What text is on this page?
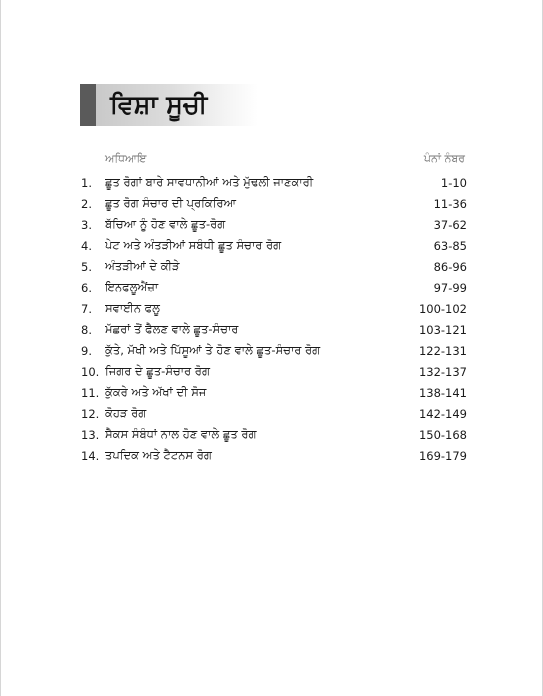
ਵਿਸ਼ਾ ਸੂਚੀ
ਅਧਿਆਇ	ਪੰਨਾਂ ਨੰਬਰ
1.	ਛੂਤ ਰੋਗਾਂ ਬਾਰੇ ਸਾਵਧਾਨੀਆਂ ਅਤੇ ਮੁੱਢਲੀ ਜਾਣਕਾਰੀ	1-10
2.	ਛੂਤ ਰੋਗ ਸੰਚਾਰ ਦੀ ਪ੍ਰਕਿਰਿਆ	11-36
3.	ਬੱਚਿਆ ਨੂੰ ਹੋਣ ਵਾਲੇ ਛੂਤ-ਰੋਗ	37-62
4.	ਪੇਟ ਅਤੇ ਅੰਤੜੀਆਂ ਸਬੰਧੀ ਛੂਤ ਸੰਚਾਰ ਰੋਗ	63-85
5.	ਅੰਤੜੀਆਂ ਦੇ ਕੀੜੇ	86-96
6.	ਇਨਫਲੂਐਂਜ਼ਾ	97-99
7.	ਸਵਾਈਨ ਫਲੂ	100-102
8.	ਮੱਛਰਾਂ ਤੋਂ ਫੈਲਣ ਵਾਲੇ ਛੂਤ-ਸੰਚਾਰ	103-121
9.	ਕੁੱਤੇ, ਮੱਖੀ ਅਤੇ ਪਿੱਸੂਆਂ ਤੇ ਹੋਣ ਵਾਲੇ ਛੂਤ-ਸੰਚਾਰ ਰੋਗ	122-131
10. ਜਿਗਰ ਦੇ ਛੂਤ-ਸੰਚਾਰ ਰੋਗ	132-137
11. ਕੁੱਕਰੇ ਅਤੇ ਅੱਖਾਂ ਦੀ ਸੋਜ	138-141
12. ਕੋਹੜ ਰੋਗ	142-149
13. ਸੈਕਸ ਸੰਬੰਧਾਂ ਨਾਲ ਹੋਣ ਵਾਲੇ ਛੂਤ ਰੋਗ	150-168
14. ਤਪਦਿਕ ਅਤੇ ਟੈਟਨਸ ਰੋਗ	169-179
